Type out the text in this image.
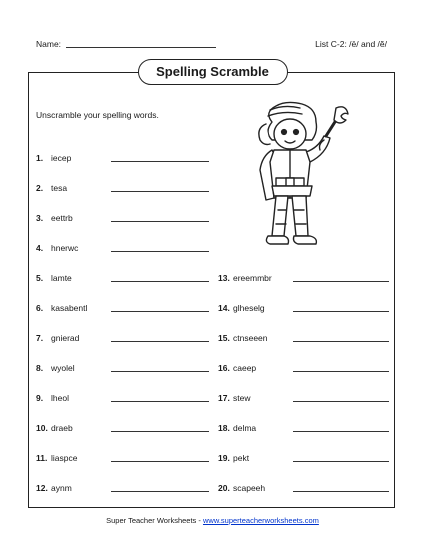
Name:	List C-2: /ē/ and /ĕ/
Spelling Scramble
Unscramble your spelling words.
1. iecep
2. tesa
3. eettrb
4. hnerwc
5. lamte
6. kasabentl
7. gnierad
8. wyolel
9. lheol
10. draeb
11. liaspce
12. aynm
13. ereemmbr
14. glheselg
15. ctnseeen
16. caeep
17. stew
18. delma
19. pekt
20. scapeeh
Super Teacher Worksheets - www.superteacherworksheets.com
